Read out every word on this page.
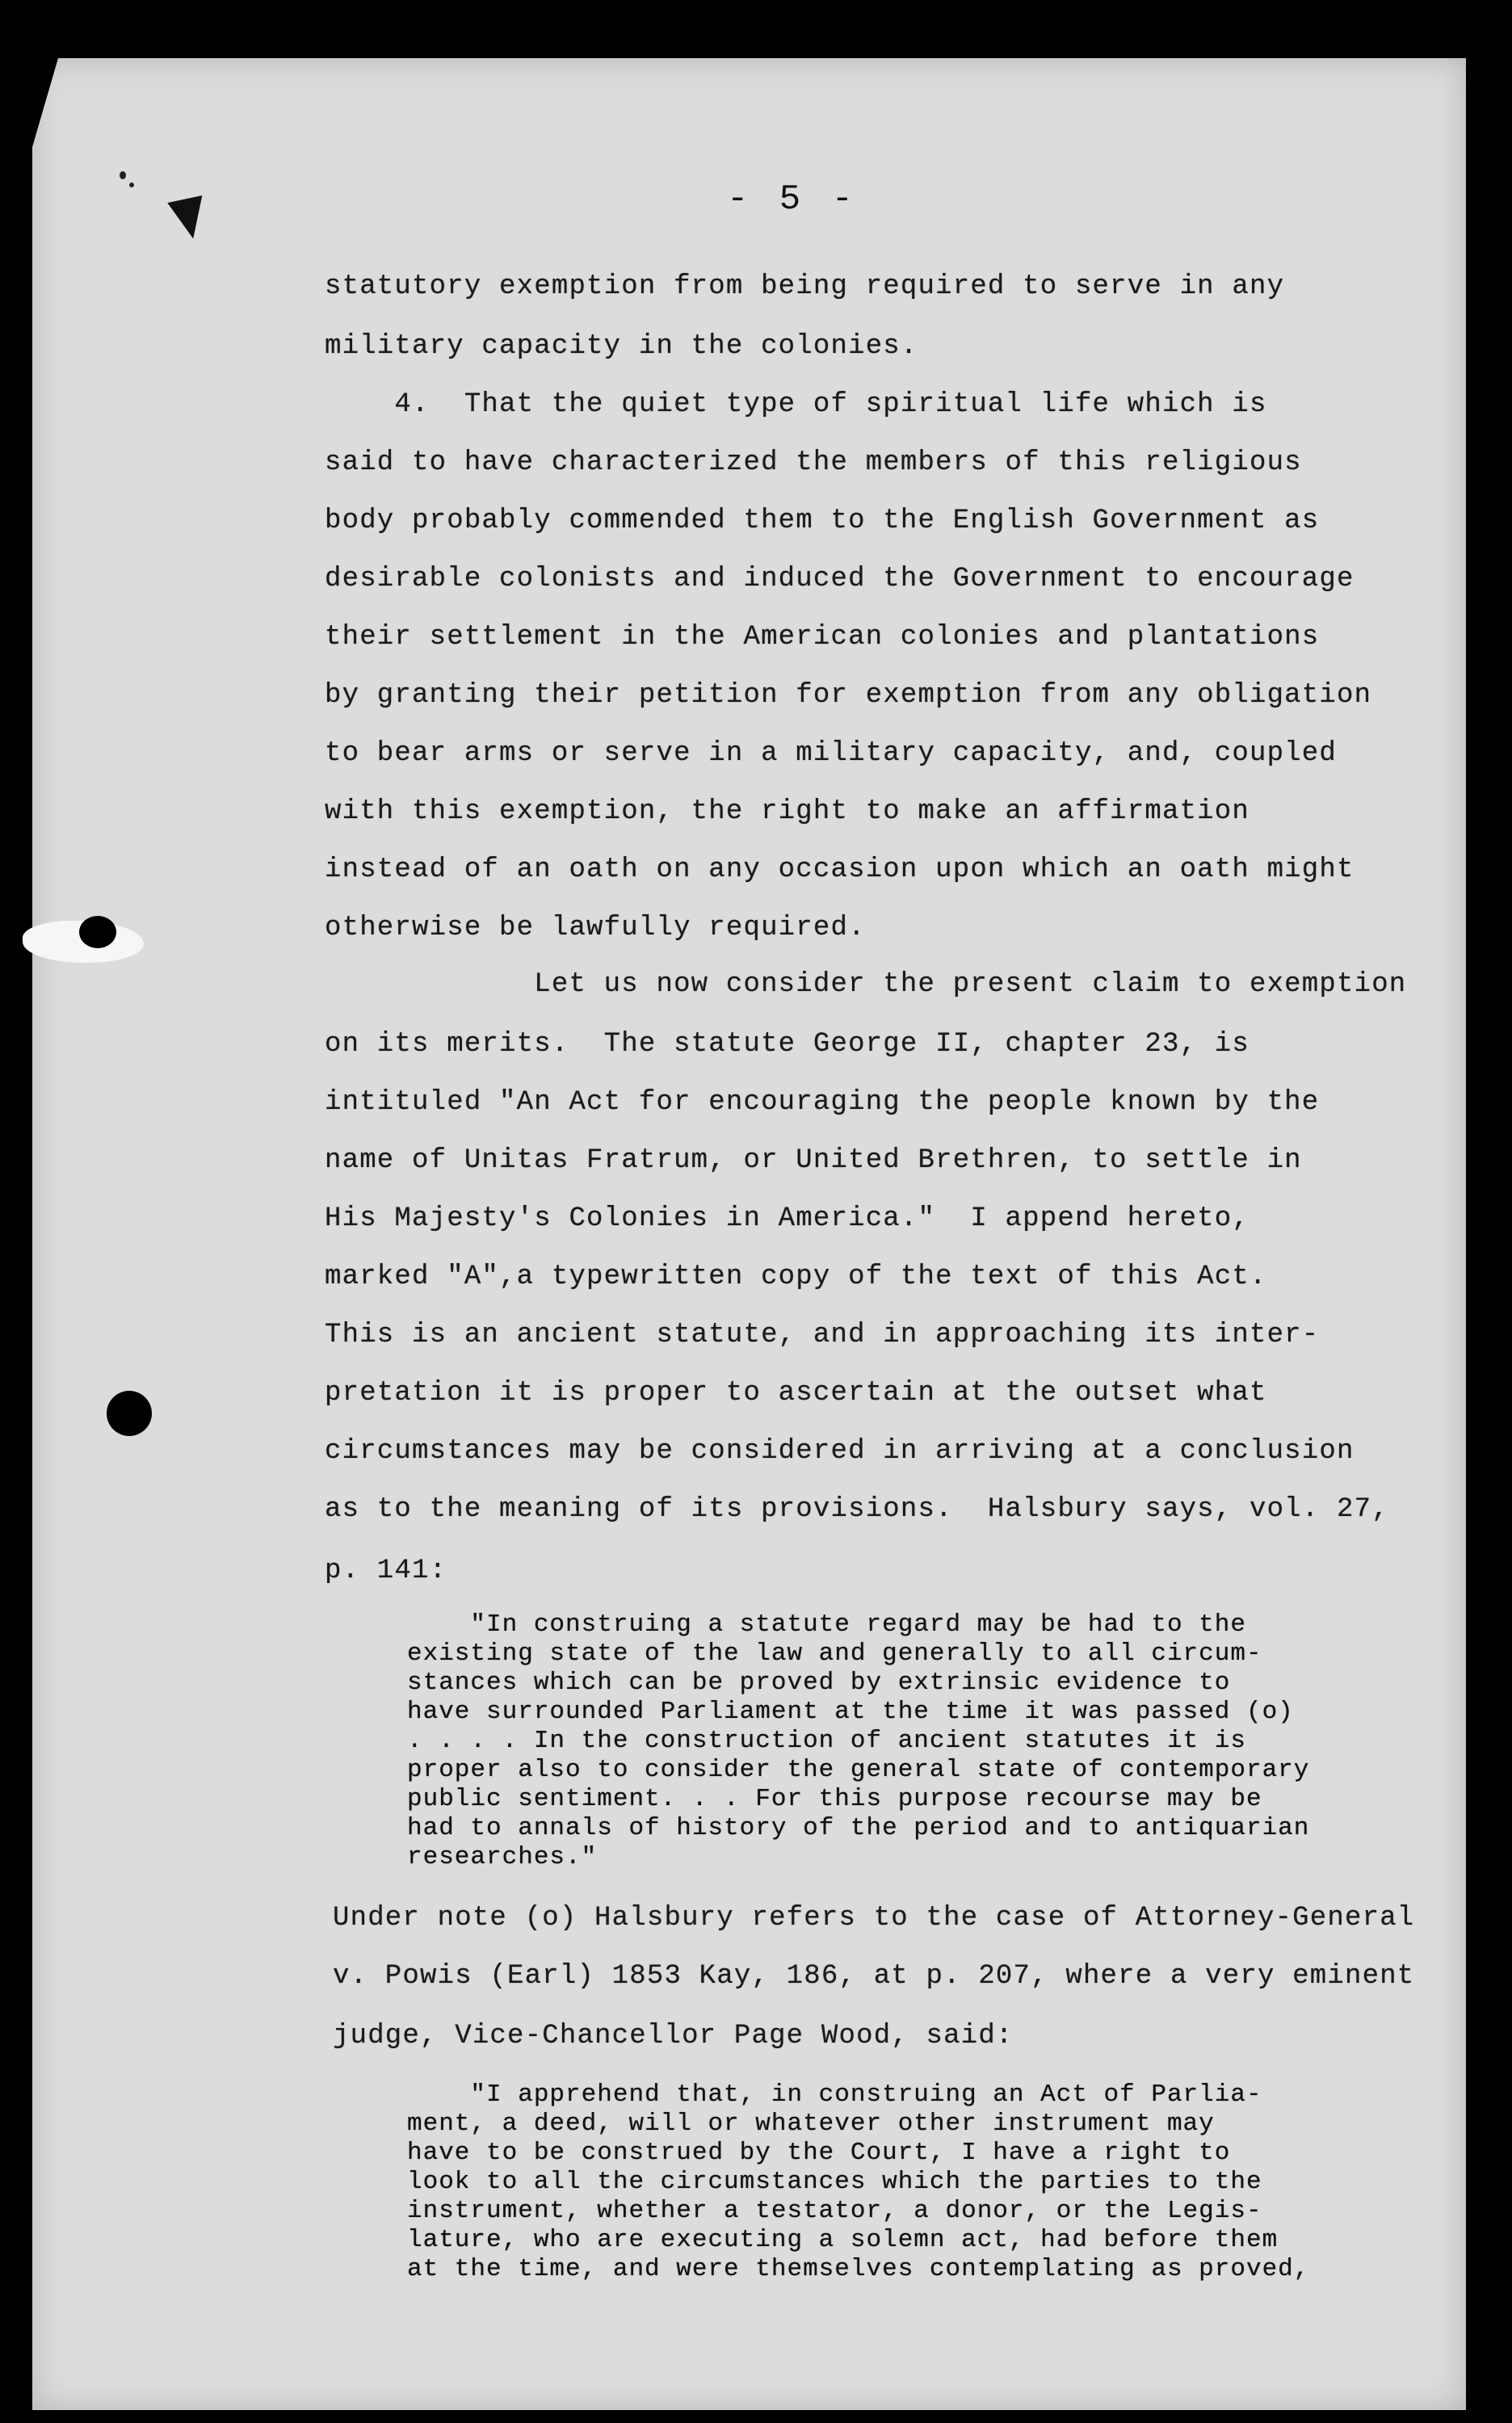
- 5 -
statutory exemption from being required to serve in any
military capacity in the colonies.
4.  That the quiet type of spiritual life which is
said to have characterized the members of this religious
body probably commended them to the English Government as
desirable colonists and induced the Government to encourage
their settlement in the American colonies and plantations
by granting their petition for exemption from any obligation
to bear arms or serve in a military capacity, and, coupled
with this exemption, the right to make an affirmation
instead of an oath on any occasion upon which an oath might
otherwise be lawfully required.
Let us now consider the present claim to exemption
on its merits.  The statute George II, chapter 23, is
intituled "An Act for encouraging the people known by the
name of Unitas Fratrum, or United Brethren, to settle in
His Majesty's Colonies in America."  I append hereto,
marked "A",a typewritten copy of the text of this Act.
This is an ancient statute, and in approaching its inter-
pretation it is proper to ascertain at the outset what
circumstances may be considered in arriving at a conclusion
as to the meaning of its provisions.  Halsbury says, vol. 27,
p. 141:
"In construing a statute regard may be had to the
existing state of the law and generally to all circum-
stances which can be proved by extrinsic evidence to
have surrounded Parliament at the time it was passed (o)
. . . . In the construction of ancient statutes it is
proper also to consider the general state of contemporary
public sentiment. . . For this purpose recourse may be
had to annals of history of the period and to antiquarian
researches."
Under note (o) Halsbury refers to the case of Attorney-General
v. Powis (Earl) 1853 Kay, 186, at p. 207, where a very eminent
judge, Vice-Chancellor Page Wood, said:
"I apprehend that, in construing an Act of Parlia-
ment, a deed, will or whatever other instrument may
have to be construed by the Court, I have a right to
look to all the circumstances which the parties to the
instrument, whether a testator, a donor, or the Legis-
lature, who are executing a solemn act, had before them
at the time, and were themselves contemplating as proved,
